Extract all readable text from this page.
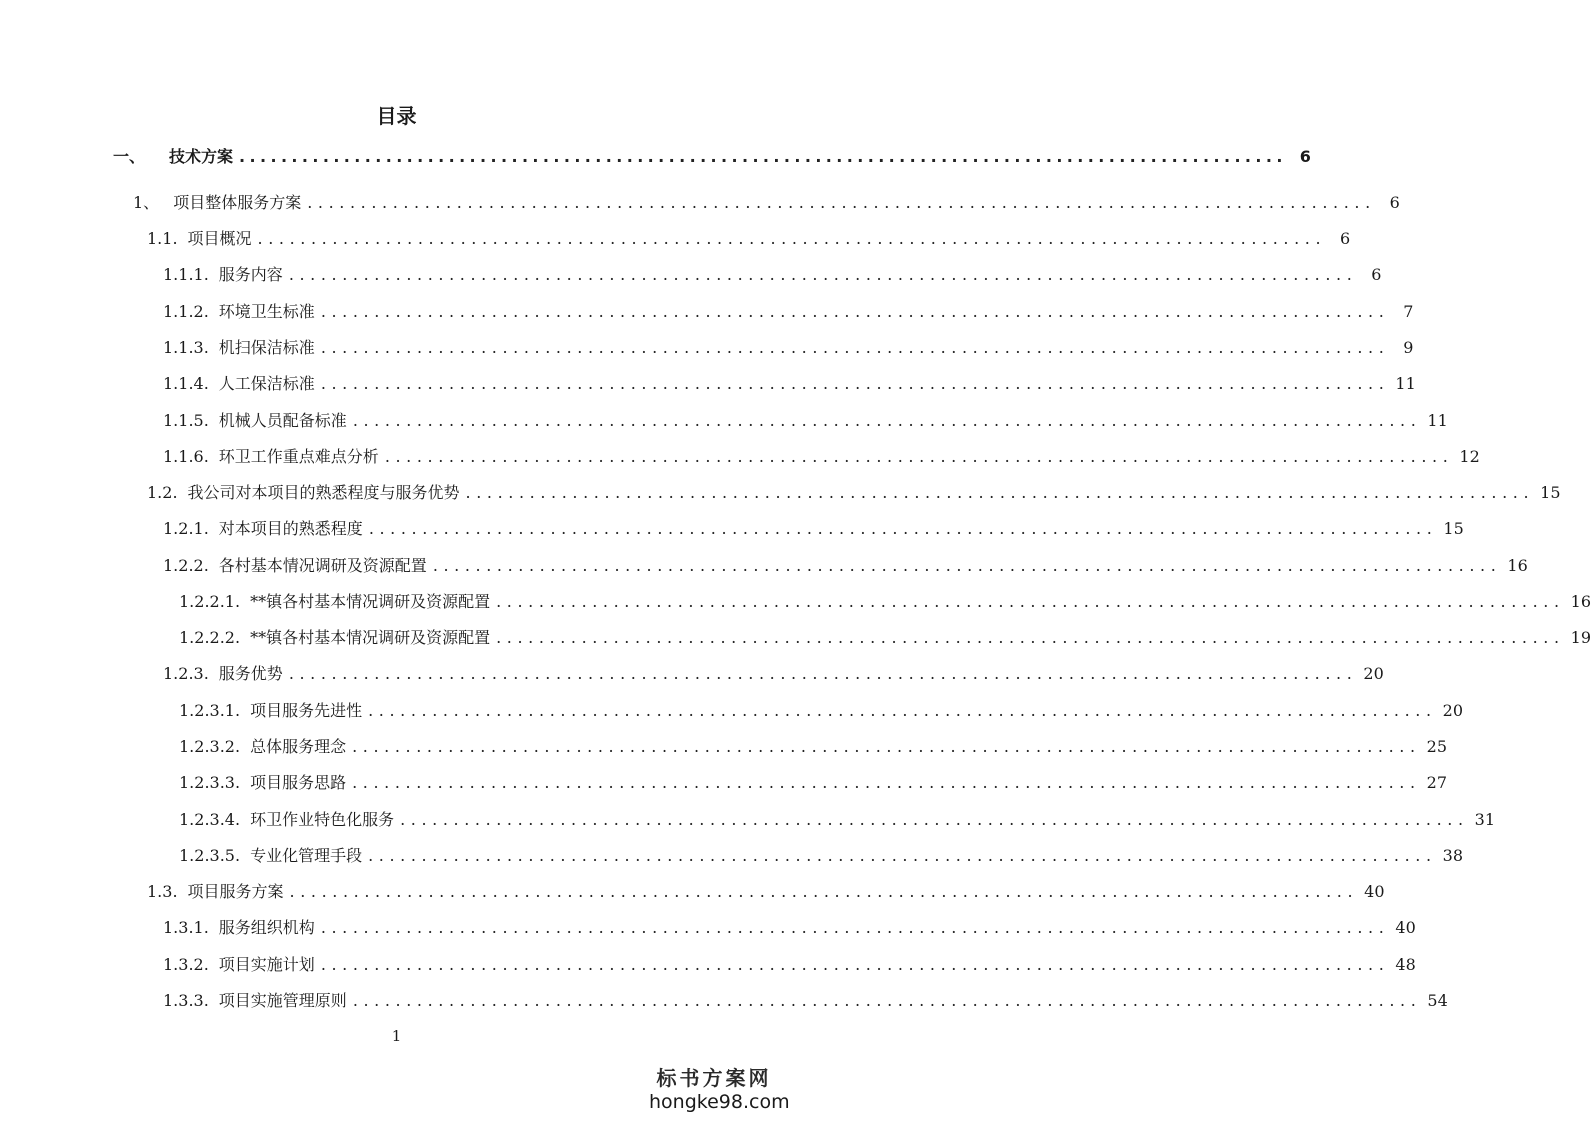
目录
一、 技术方案 .................................................................................................... 6
1、 项目整体服务方案 .................................................................................................... 6
1.1. 项目概况 .................................................................................................... 6
1.1.1. 服务内容 .................................................................................................... 6
1.1.2. 环境卫生标准 .................................................................................................... 7
1.1.3. 机扫保洁标准 .................................................................................................... 9
1.1.4. 人工保洁标准 .................................................................................................... 11
1.1.5. 机械人员配备标准 .................................................................................................... 11
1.1.6. 环卫工作重点难点分析 .................................................................................................... 12
1.2. 我公司对本项目的熟悉程度与服务优势 .................................................................................................... 15
1.2.1. 对本项目的熟悉程度 .................................................................................................... 15
1.2.2. 各村基本情况调研及资源配置 .................................................................................................... 16
1.2.2.1. **镇各村基本情况调研及资源配置 .................................................................................................... 16
1.2.2.2. **镇各村基本情况调研及资源配置 .................................................................................................... 19
1.2.3. 服务优势 .................................................................................................... 20
1.2.3.1. 项目服务先进性 .................................................................................................... 20
1.2.3.2. 总体服务理念 .................................................................................................... 25
1.2.3.3. 项目服务思路 .................................................................................................... 27
1.2.3.4. 环卫作业特色化服务 .................................................................................................... 31
1.2.3.5. 专业化管理手段 .................................................................................................... 38
1.3. 项目服务方案 .................................................................................................... 40
1.3.1. 服务组织机构 .................................................................................................... 40
1.3.2. 项目实施计划 .................................................................................................... 48
1.3.3. 项目实施管理原则 .................................................................................................... 54
1
标书方案网
hongke98.com
